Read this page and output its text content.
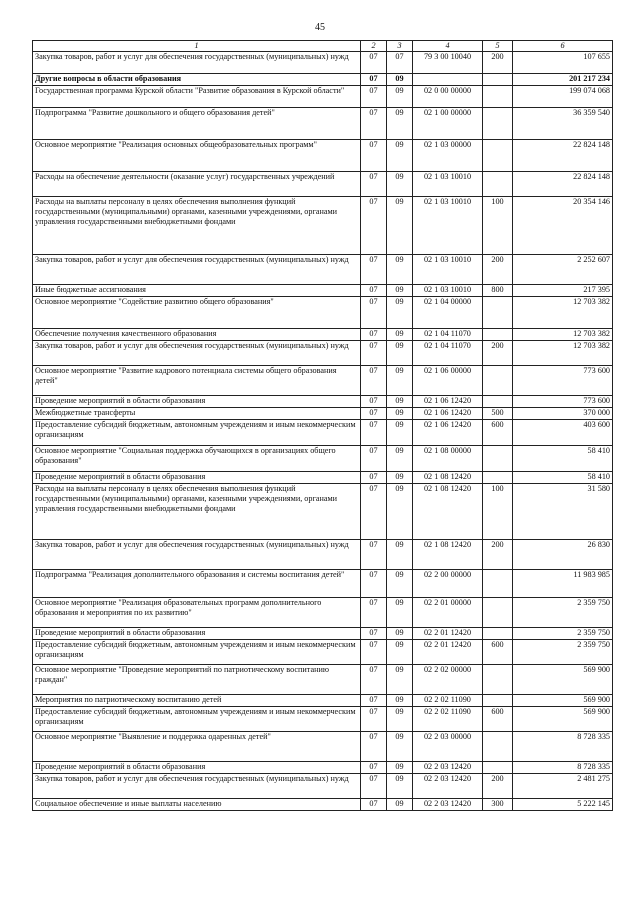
45
1	2	3	4	5	6
Закупка товаров, работ и услуг для обеспечения государственных (муниципальных) нужд	07	07	79 3 00 10040	200	107 655
Другие вопросы в области образования	07	09			201 217 234
Государственная программа Курской области "Развитие образования в Курской области"	07	09	02 0 00 00000		199 074 068
Подпрограмма "Развитие дошкольного и общего образования детей"	07	09	02 1 00 00000		36 359 540
Основное мероприятие "Реализация основных общеобразовательных программ"	07	09	02 1 03 00000		22 824 148
Расходы на обеспечение деятельности (оказание услуг) государственных учреждений	07	09	02 1 03 10010		22 824 148
Расходы на выплаты персоналу в целях обеспечения выполнения функций государственными (муниципальными) органами, казенными учреждениями, органами управления государственными внебюджетными фондами	07	09	02 1 03 10010	100	20 354 146
Закупка товаров, работ и услуг для обеспечения государственных (муниципальных) нужд	07	09	02 1 03 10010	200	2 252 607
Иные бюджетные ассигнования	07	09	02 1 03 10010	800	217 395
Основное мероприятие "Содействие развитию общего образования"	07	09	02 1 04 00000		12 703 382
Обеспечение получения качественного образования	07	09	02 1 04 11070		12 703 382
Закупка товаров, работ и услуг для обеспечения государственных (муниципальных) нужд	07	09	02 1 04 11070	200	12 703 382
Основное мероприятие "Развитие кадрового потенциала системы общего образования детей"	07	09	02 1 06 00000		773 600
Проведение мероприятий в области образования	07	09	02 1 06 12420		773 600
Межбюджетные трансферты	07	09	02 1 06 12420	500	370 000
Предоставление субсидий бюджетным, автономным учреждениям и иным некоммерческим организациям	07	09	02 1 06 12420	600	403 600
Основное мероприятие "Социальная поддержка обучающихся в организациях общего образования"	07	09	02 1 08 00000		58 410
Проведение мероприятий в области образования	07	09	02 1 08 12420		58 410
Расходы на выплаты персоналу в целях обеспечения выполнения функций государственными (муниципальными) органами, казенными учреждениями, органами управления государственными внебюджетными фондами	07	09	02 1 08 12420	100	31 580
Закупка товаров, работ и услуг для обеспечения государственных (муниципальных) нужд	07	09	02 1 08 12420	200	26 830
Подпрограмма "Реализация дополнительного образования и системы воспитания детей"	07	09	02 2 00 00000		11 983 985
Основное мероприятие "Реализация образовательных программ дополнительного образования и мероприятия по их развитию"	07	09	02 2 01 00000		2 359 750
Проведение мероприятий в области образования	07	09	02 2 01 12420		2 359 750
Предоставление субсидий бюджетным, автономным учреждениям и иным некоммерческим организациям	07	09	02 2 01 12420	600	2 359 750
Основное мероприятие "Проведение мероприятий по патриотическому воспитанию граждан"	07	09	02 2 02 00000		569 900
Мероприятия по патриотическому воспитанию детей	07	09	02 2 02 11090		569 900
Предоставление субсидий бюджетным, автономным учреждениям и иным некоммерческим организациям	07	09	02 2 02 11090	600	569 900
Основное мероприятие "Выявление и поддержка одаренных детей"	07	09	02 2 03 00000		8 728 335
Проведение мероприятий в области образования	07	09	02 2 03 12420		8 728 335
Закупка товаров, работ и услуг для обеспечения государственных (муниципальных) нужд	07	09	02 2 03 12420	200	2 481 275
Социальное обеспечение и иные выплаты населению	07	09	02 2 03 12420	300	5 222 145
